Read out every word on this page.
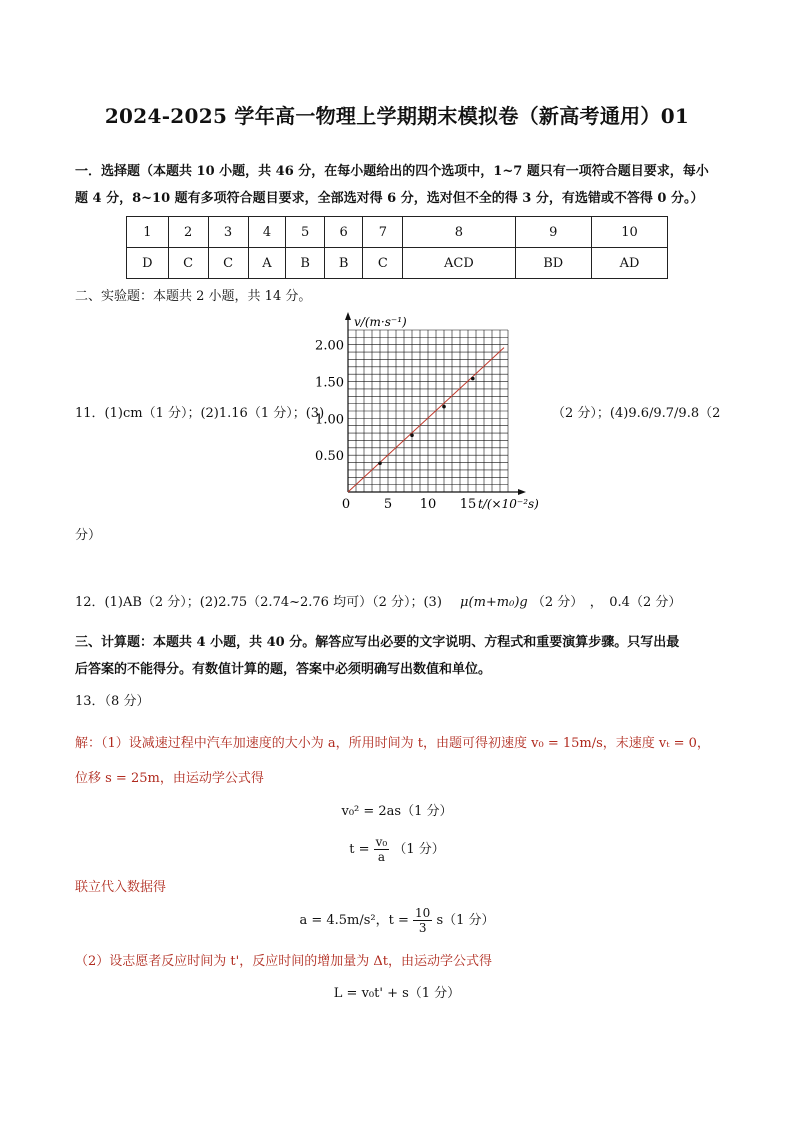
2024-2025 学年高一物理上学期期末模拟卷（新高考通用）01
一．选择题（本题共 10 小题，共 46 分，在每小题给出的四个选项中，1~7 题只有一项符合题目要求，每小
题 4 分，8~10 题有多项符合题目要求，全部选对得 6 分，选对但不全的得 3 分，有选错或不答得 0 分。）
1	2	3	4	5	6	7	8	9	10
D	C	C	A	B	B	C	ACD	BD	AD
二、实验题：本题共 2 小题，共 14 分。
11．(1)cm（1 分）；(2)1.16（1 分）；(3)	（2 分）；(4)9.6/9.7/9.8（2
分）
0	5 10 15
0.50
1.00
1.50
2.00
v/(m·s⁻¹)
t/(×10⁻²s)
12．(1)AB（2 分）；(2)2.75（2.74~2.76 均可）（2 分）；(3) μ(m+m₀)g （2 分）　，　0.4（2 分）
三、计算题：本题共 4 小题，共 40 分。解答应写出必要的文字说明、方程式和重要演算步骤。只写出最
后答案的不能得分。有数值计算的题，答案中必须明确写出数值和单位。
13．（8 分）
解：（1）设减速过程中汽车加速度的大小为 a，所用时间为 t，由题可得初速度 v₀ = 15m/s，末速度 vₜ = 0，
位移 s = 25m，由运动学公式得
v₀² = 2as（1 分）
$t = \frac{\text{v₀}}{a} (1$ 分）
联立代入数据得
a = 4.5m/s²，$t = \frac{10}{3} s(1$ 分）
（2）设志愿者反应时间为 t'，反应时间的增加量为 Δt，由运动学公式得
L = v₀t' + s（1 分）
